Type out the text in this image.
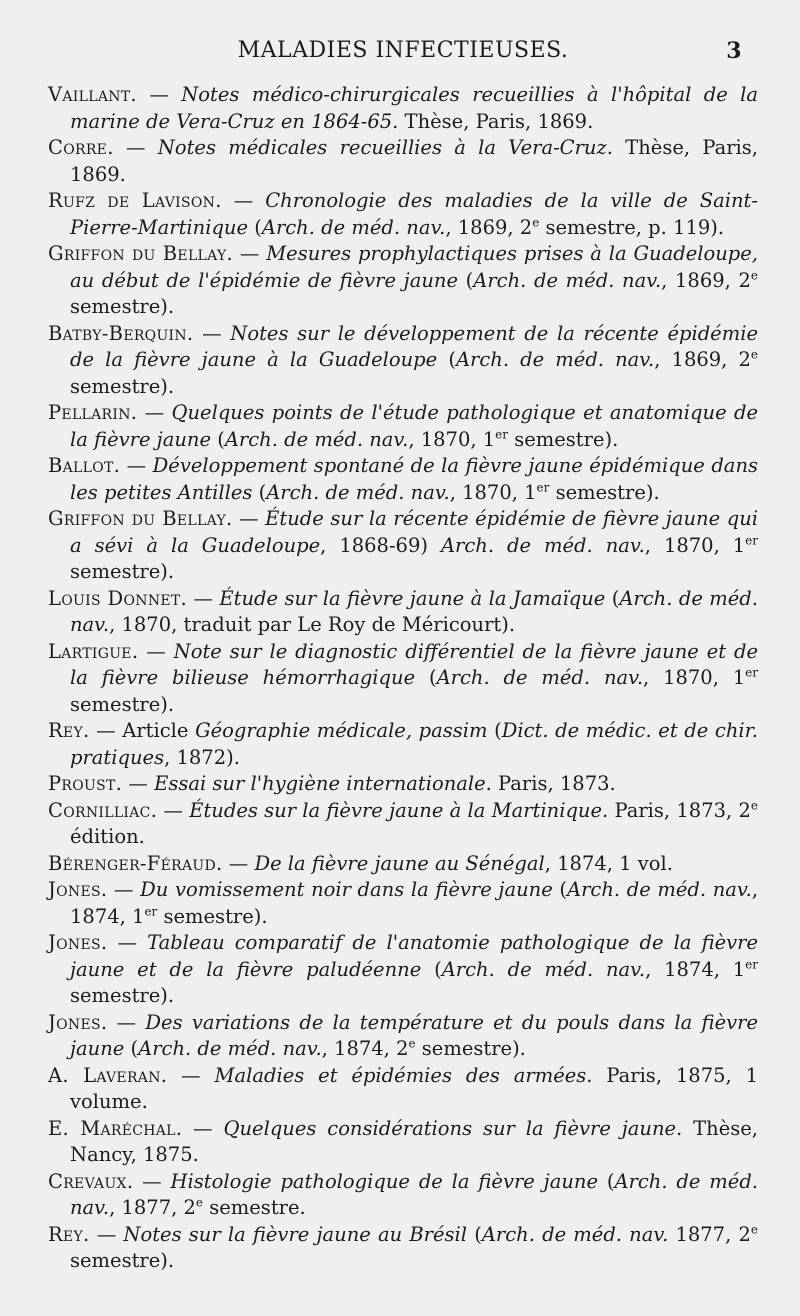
MALADIES INFECTIEUSES.	3

Vaillant. — Notes médico-chirurgicales recueillies à l'hôpital de la marine de Vera-Cruz en 1864-65. Thèse, Paris, 1869.

Corre. — Notes médicales recueillies à la Vera-Cruz. Thèse, Paris, 1869.

Rufz de Lavison. — Chronologie des maladies de la ville de Saint-Pierre-Martinique (Arch. de méd. nav., 1869, 2e semestre, p. 119).

Griffon du Bellay. — Mesures prophylactiques prises à la Guadeloupe, au début de l'épidémie de fièvre jaune (Arch. de méd. nav., 1869, 2e semestre).

Batby-Berquin. — Notes sur le développement de la récente épidémie de la fièvre jaune à la Guadeloupe (Arch. de méd. nav., 1869, 2e semestre).

Pellarin. — Quelques points de l'étude pathologique et anatomique de la fièvre jaune (Arch. de méd. nav., 1870, 1er semestre).

Ballot. — Développement spontané de la fièvre jaune épidémique dans les petites Antilles (Arch. de méd. nav., 1870, 1er semestre).

Griffon du Bellay. — Étude sur la récente épidémie de fièvre jaune qui a sévi à la Guadeloupe, 1868-69) Arch. de méd. nav., 1870, 1er semestre).

Louis Donnet. — Étude sur la fièvre jaune à la Jamaïque (Arch. de méd. nav., 1870, traduit par Le Roy de Méricourt).

Lartigue. — Note sur le diagnostic différentiel de la fièvre jaune et de la fièvre bilieuse hémorrhagique (Arch. de méd. nav., 1870, 1er semestre).

Rey. — Article Géographie médicale, passim (Dict. de médic. et de chir. pratiques, 1872).

Proust. — Essai sur l'hygiène internationale. Paris, 1873.

Cornilliac. — Études sur la fièvre jaune à la Martinique. Paris, 1873, 2e édition.

Bérenger-Féraud. — De la fièvre jaune au Sénégal, 1874, 1 vol.

Jones. — Du vomissement noir dans la fièvre jaune (Arch. de méd. nav., 1874, 1er semestre).

Jones. — Tableau comparatif de l'anatomie pathologique de la fièvre jaune et de la fièvre paludéenne (Arch. de méd. nav., 1874, 1er semestre).

Jones. — Des variations de la température et du pouls dans la fièvre jaune (Arch. de méd. nav., 1874, 2e semestre).

A. Laveran. — Maladies et épidémies des armées. Paris, 1875, 1 volume.

E. Maréchal. — Quelques considérations sur la fièvre jaune. Thèse, Nancy, 1875.

Crevaux. — Histologie pathologique de la fièvre jaune (Arch. de méd. nav., 1877, 2e semestre.

Rey. — Notes sur la fièvre jaune au Brésil (Arch. de méd. nav. 1877, 2e semestre).
